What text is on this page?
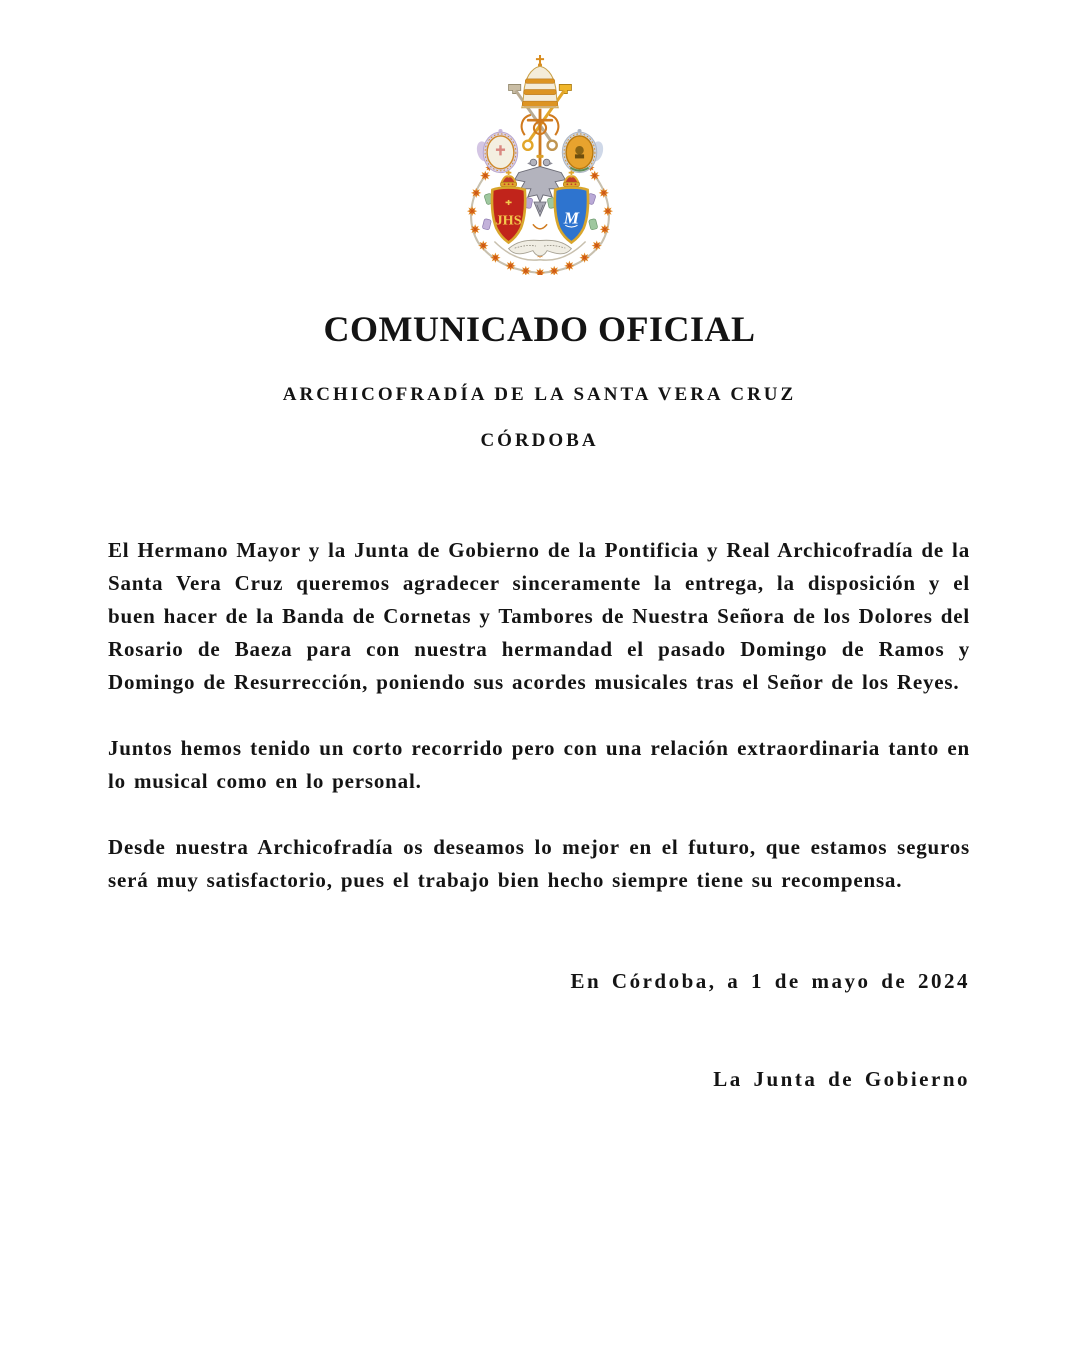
JHS M
COMUNICADO OFICIAL
ARCHICOFRADÍA DE LA SANTA VERA CRUZ
CÓRDOBA

El Hermano Mayor y la Junta de Gobierno de la Pontificia y Real Archicofradía de la Santa Vera Cruz queremos agradecer sinceramente la entrega, la disposición y el buen hacer de la Banda de Cornetas y Tambores de Nuestra Señora de los Dolores del Rosario de Baeza para con nuestra hermandad el pasado Domingo de Ramos y Domingo de Resurrección, poniendo sus acordes musicales tras el Señor de los Reyes.

Juntos hemos tenido un corto recorrido pero con una relación extraordinaria tanto en lo musical como en lo personal.

Desde nuestra Archicofradía os deseamos lo mejor en el futuro, que estamos seguros será muy satisfactorio, pues el trabajo bien hecho siempre tiene su recompensa.

En Córdoba, a 1 de mayo de 2024
La Junta de Gobierno
